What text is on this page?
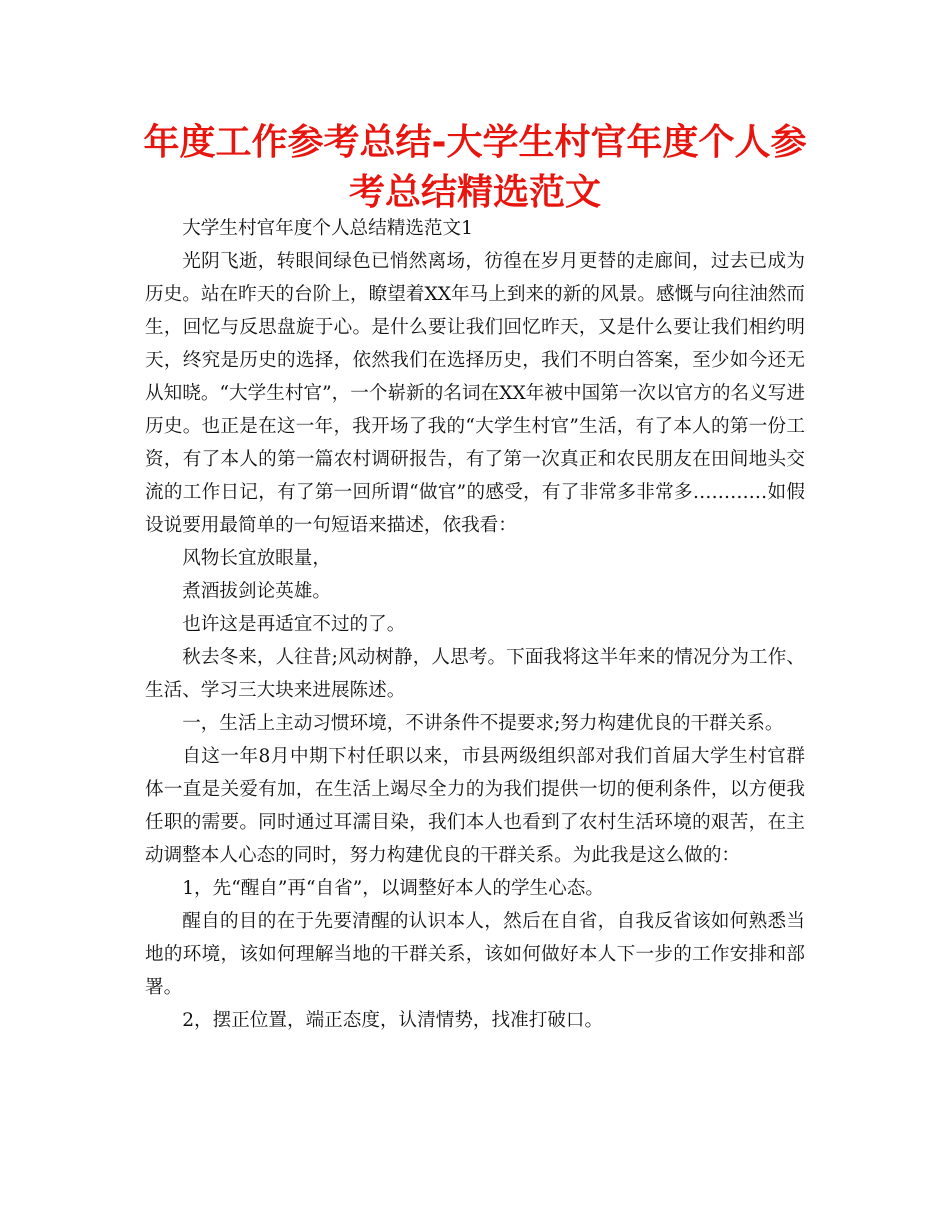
年度工作参考总结-大学生村官年度个人参考总结精选范文

大学生村官年度个人总结精选范文1

光阴飞逝，转眼间绿色已悄然离场，彷徨在岁月更替的走廊间，过去已成为历史。站在昨天的台阶上，瞭望着XX年马上到来的新的风景。感慨与向往油然而生，回忆与反思盘旋于心。是什么要让我们回忆昨天，又是什么要让我们相约明天，终究是历史的选择，依然我们在选择历史，我们不明白答案，至少如今还无从知晓。“大学生村官”，一个崭新的名词在XX年被中国第一次以官方的名义写进历史。也正是在这一年，我开场了我的“大学生村官”生活，有了本人的第一份工资，有了本人的第一篇农村调研报告，有了第一次真正和农民朋友在田间地头交流的工作日记，有了第一回所谓“做官”的感受，有了非常多非常多…………如假设说要用最简单的一句短语来描述，依我看：

风物长宜放眼量，

煮酒拔剑论英雄。

也许这是再适宜不过的了。

秋去冬来，人往昔;风动树静，人思考。下面我将这半年来的情况分为工作、生活、学习三大块来进展陈述。

一，生活上主动习惯环境，不讲条件不提要求;努力构建优良的干群关系。

自这一年8月中期下村任职以来，市县两级组织部对我们首届大学生村官群体一直是关爱有加，在生活上竭尽全力的为我们提供一切的便利条件，以方便我任职的需要。同时通过耳濡目染，我们本人也看到了农村生活环境的艰苦，在主动调整本人心态的同时，努力构建优良的干群关系。为此我是这么做的：

1，先“醒自”再“自省”，以调整好本人的学生心态。

醒自的目的在于先要清醒的认识本人，然后在自省，自我反省该如何熟悉当地的环境，该如何理解当地的干群关系，该如何做好本人下一步的工作安排和部署。

2，摆正位置，端正态度，认清情势，找准打破口。
